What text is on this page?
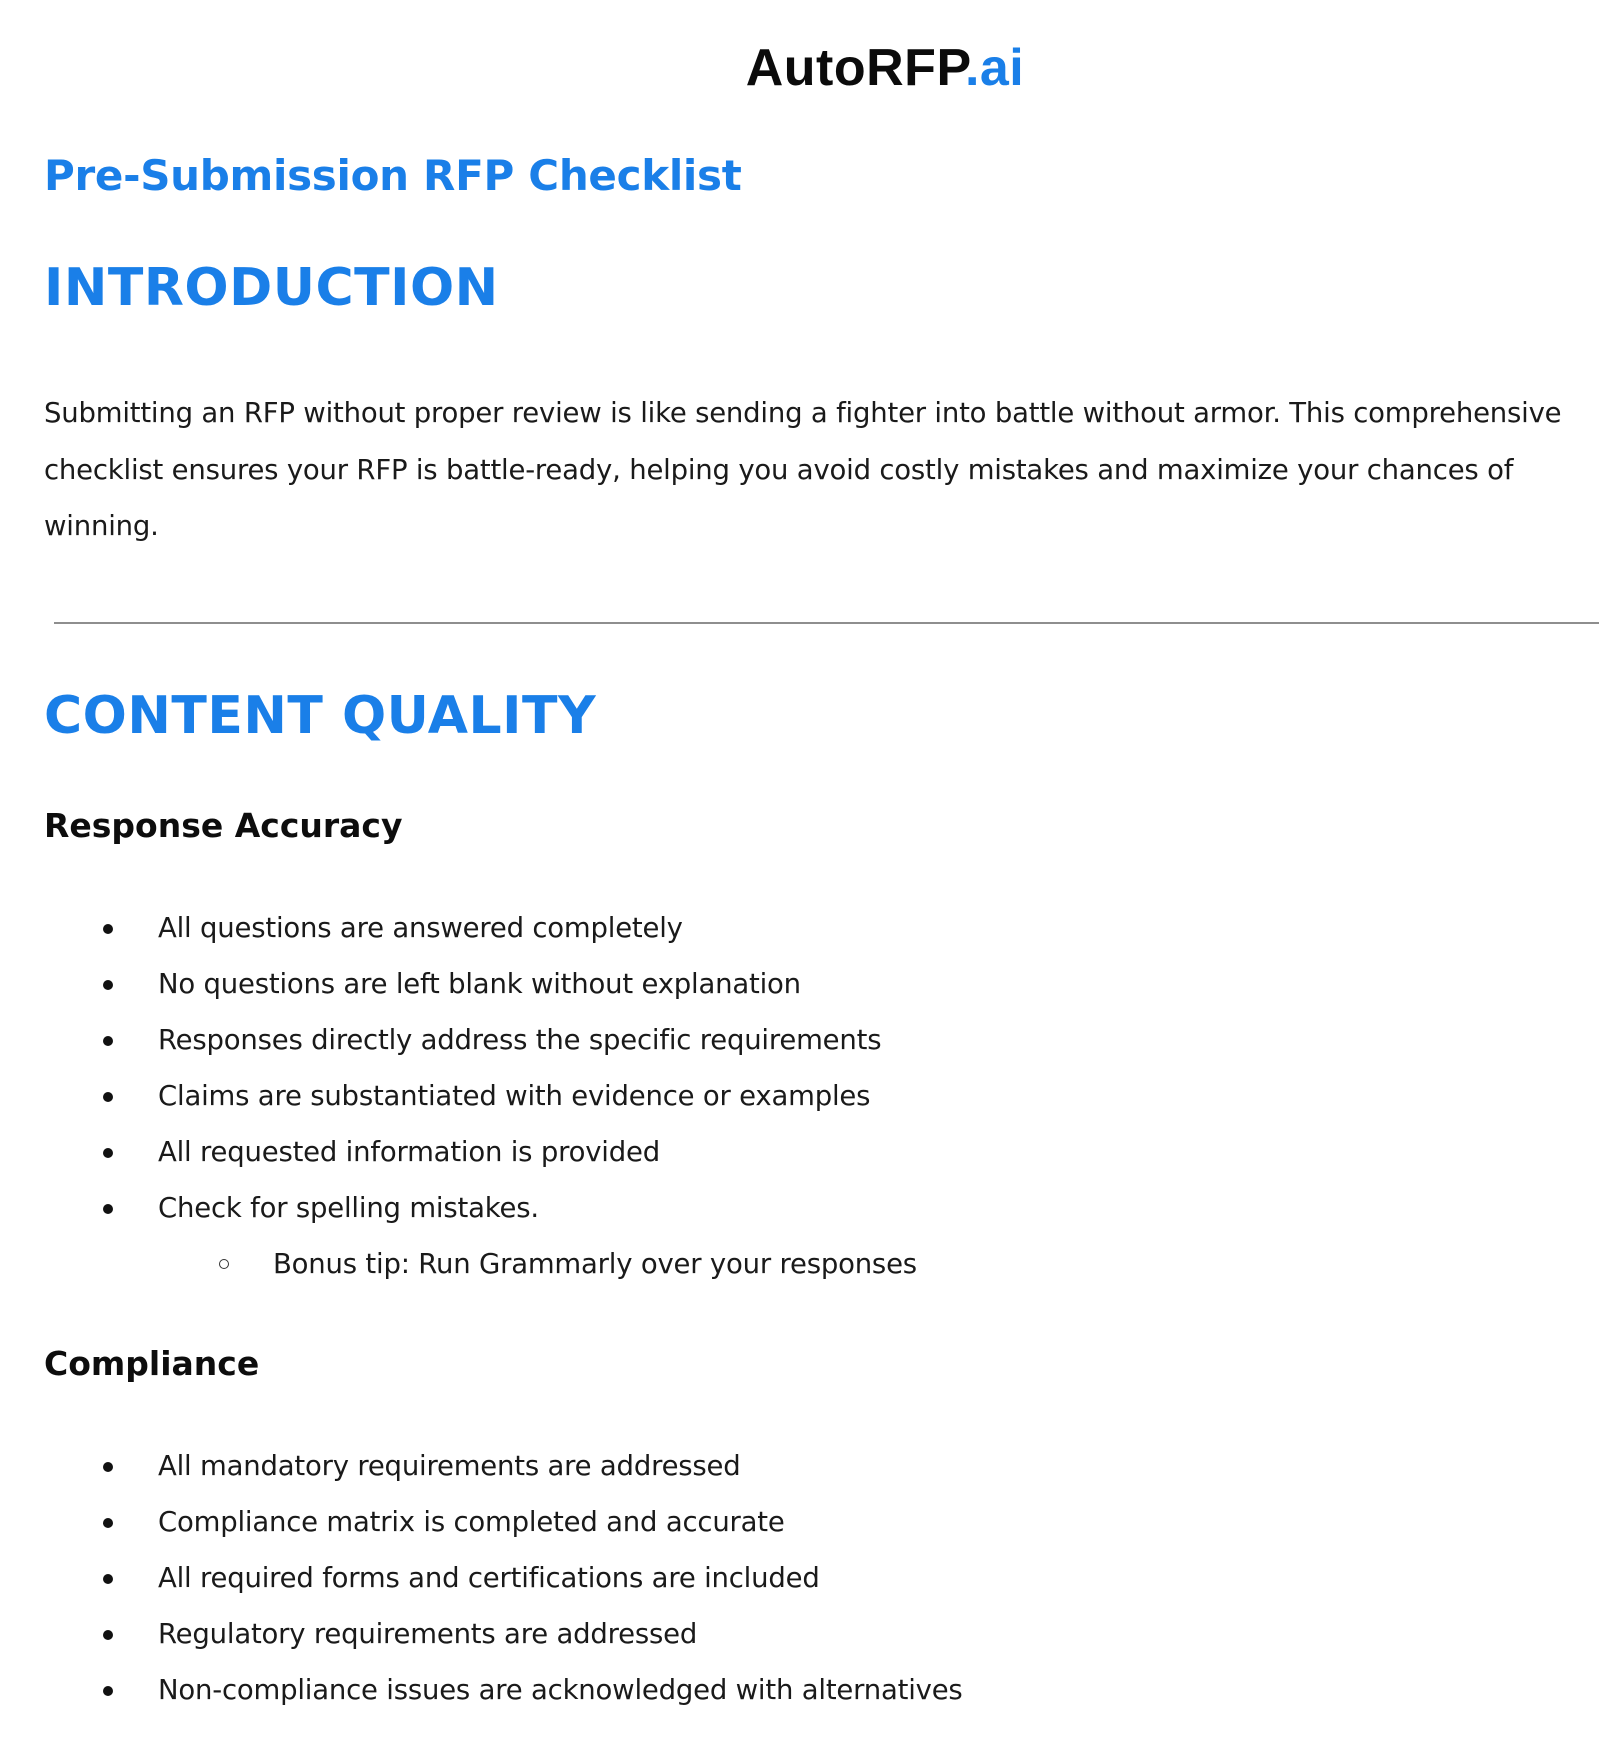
AutoRFP.ai
Pre-Submission RFP Checklist
INTRODUCTION

Submitting an RFP without proper review is like sending a fighter into battle without armor. This comprehensive checklist ensures your RFP is battle-ready, helping you avoid costly mistakes and maximize your chances of winning.

CONTENT QUALITY
Response Accuracy
All questions are answered completely
No questions are left blank without explanation
Responses directly address the specific requirements
Claims are substantiated with evidence or examples
All requested information is provided
Check for spelling mistakes.
Bonus tip: Run Grammarly over your responses
Compliance
All mandatory requirements are addressed
Compliance matrix is completed and accurate
All required forms and certifications are included
Regulatory requirements are addressed
Non-compliance issues are acknowledged with alternatives
